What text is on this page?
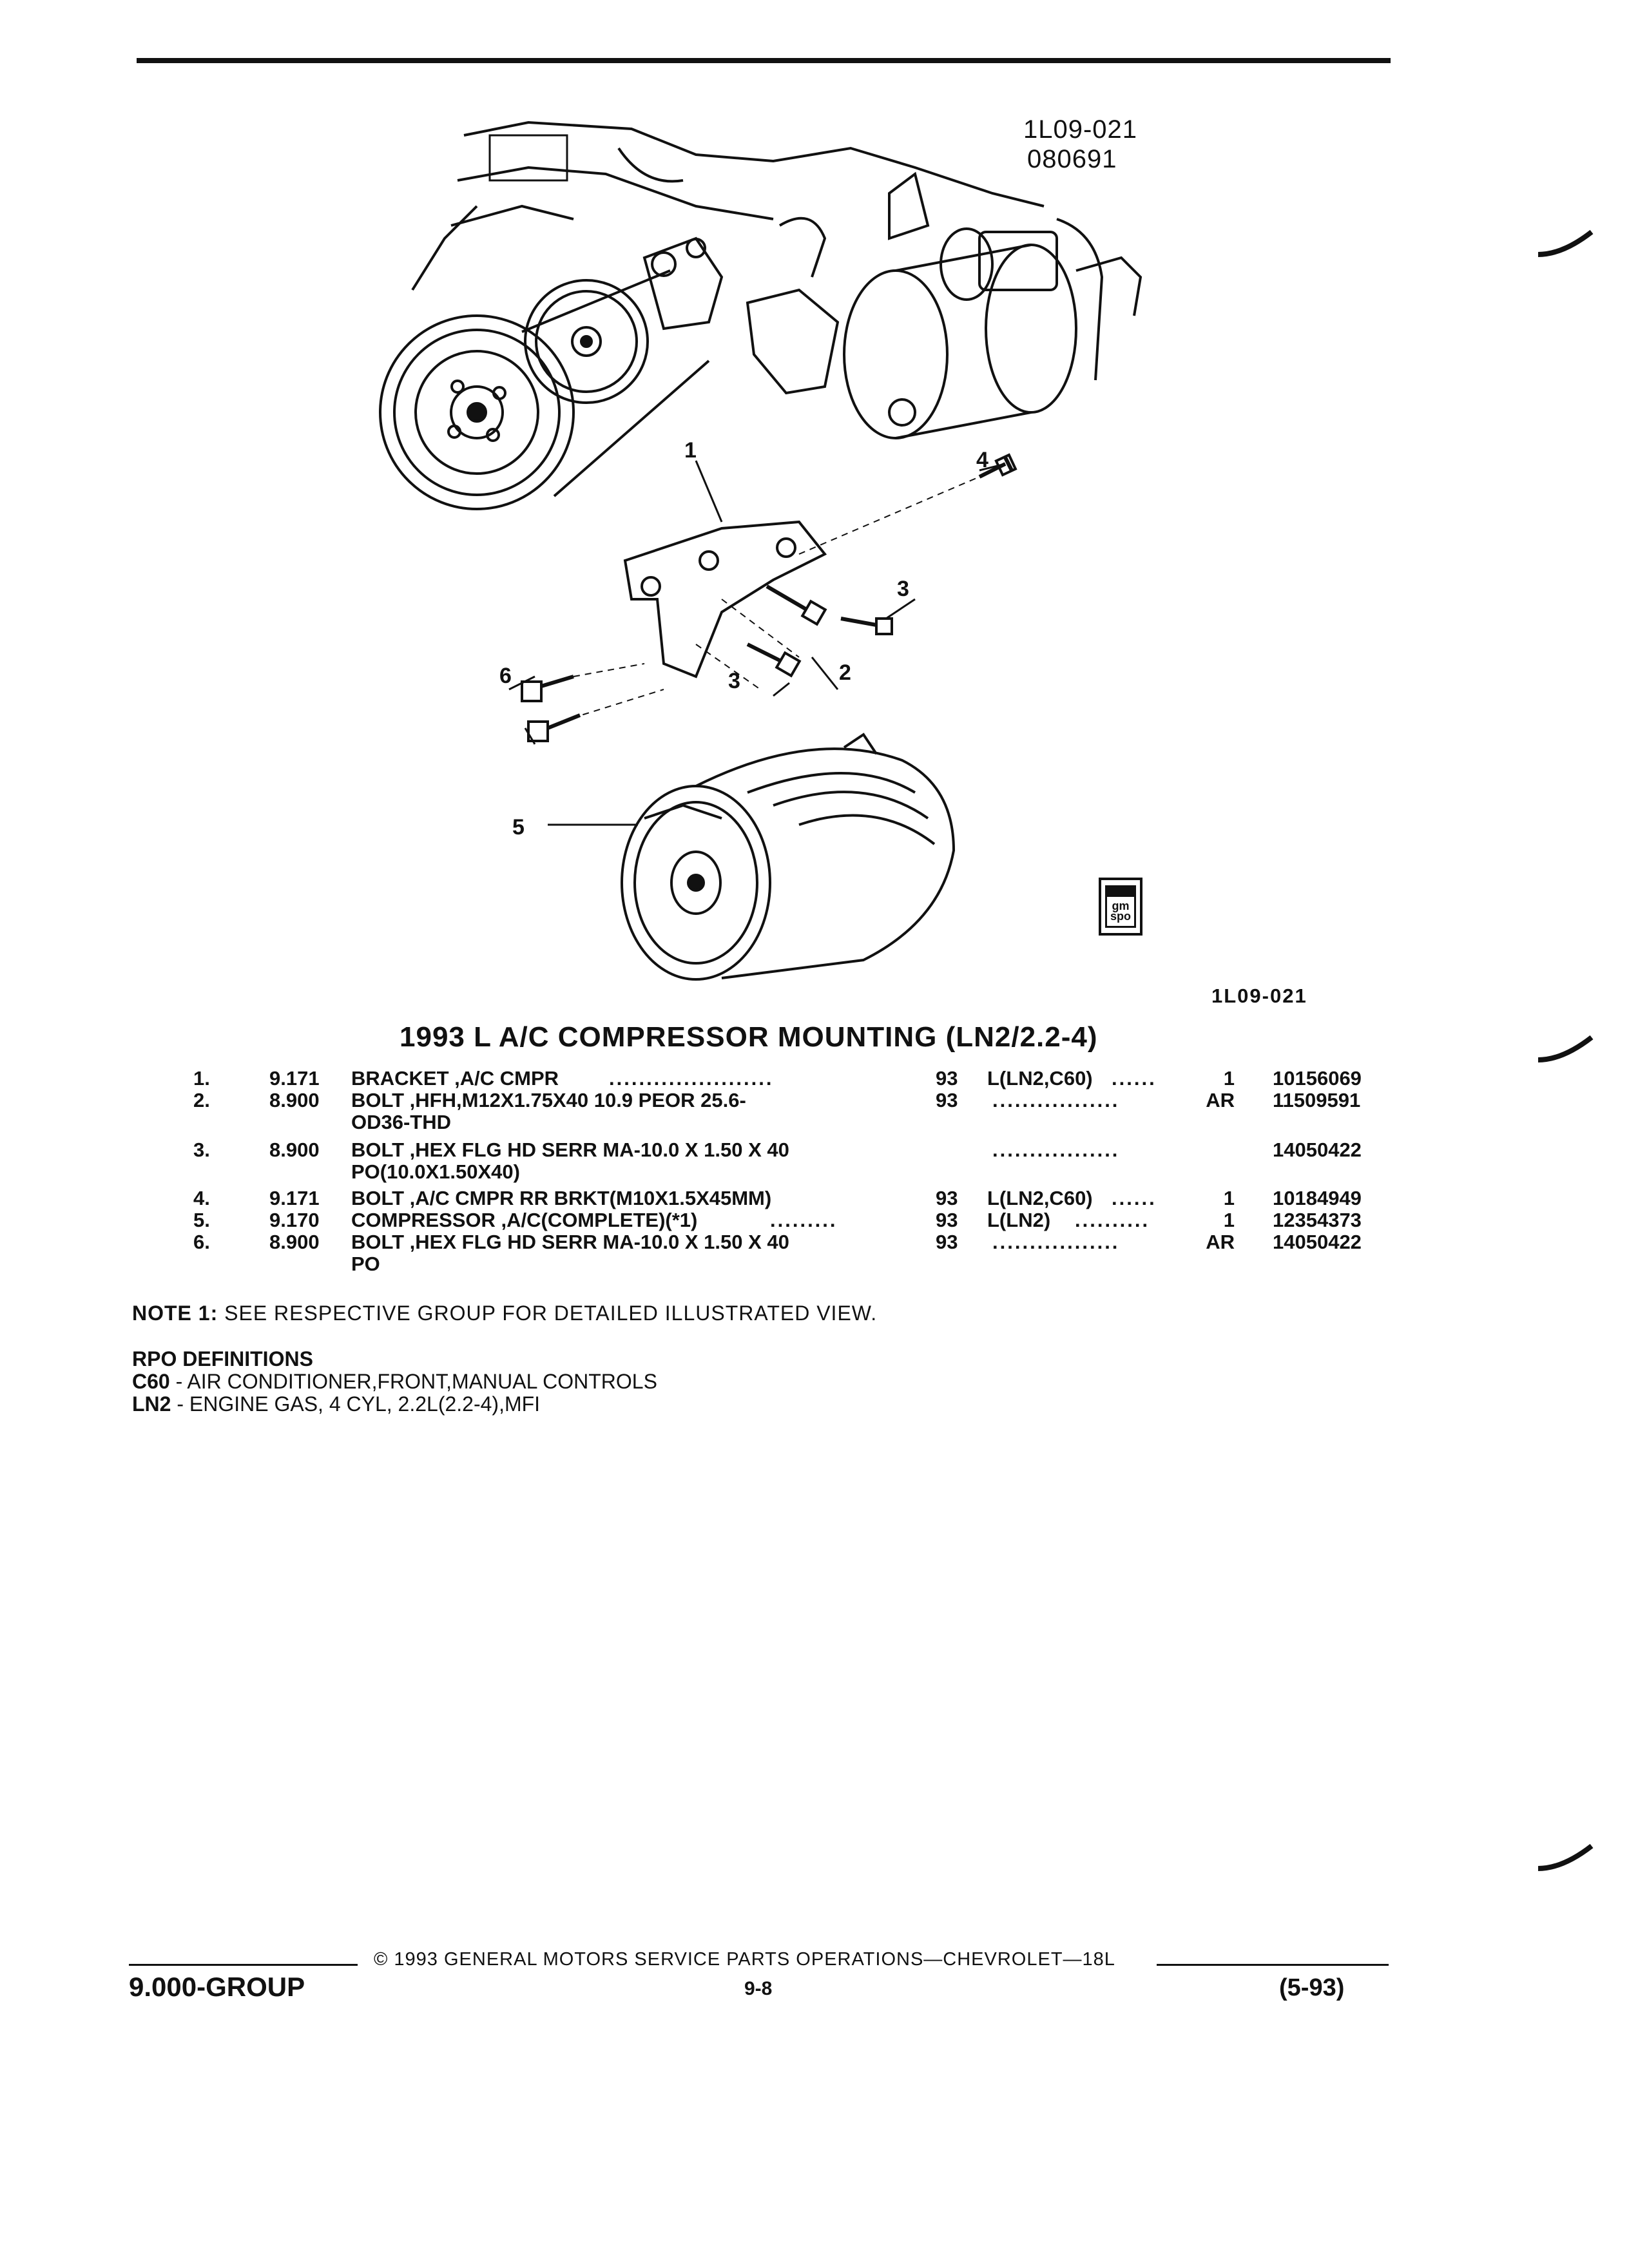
1L09-021
080691
1
2
3
3
4
5
6
gm spo
1L09-021
1993 L A/C COMPRESSOR MOUNTING (LN2/2.2-4)
1.	9.171 BRACKET ,A/C CMPR	......................	93 L(LN2,C60) ......	1 10156069
2.	8.900 BOLT ,HFH,M12X1.75X40 10.9 PEOR 25.6-
OD36-THD
93 .................	AR 11509591
3.	8.900 BOLT ,HEX FLG HD SERR MA-10.0 X 1.50 X 40
PO(10.0X1.50X40)
.................	14050422
4.	9.171 BOLT ,A/C CMPR RR BRKT(M10X1.5X45MM)	93 L(LN2,C60) ......	1 10184949
5.	9.170 COMPRESSOR ,A/C(COMPLETE)(*1)	.........	93 L(LN2) ..........	1 12354373
6.	8.900 BOLT ,HEX FLG HD SERR MA-10.0 X 1.50 X 40
PO
93 .................	AR 14050422
NOTE 1: SEE RESPECTIVE GROUP FOR DETAILED ILLUSTRATED VIEW.
RPO DEFINITIONS
C60 - AIR CONDITIONER,FRONT,MANUAL CONTROLS
LN2 - ENGINE GAS, 4 CYL, 2.2L(2.2-4),MFI
© 1993 GENERAL MOTORS SERVICE PARTS OPERATIONS—CHEVROLET—18L
9.000-GROUP	9-8	(5-93)
